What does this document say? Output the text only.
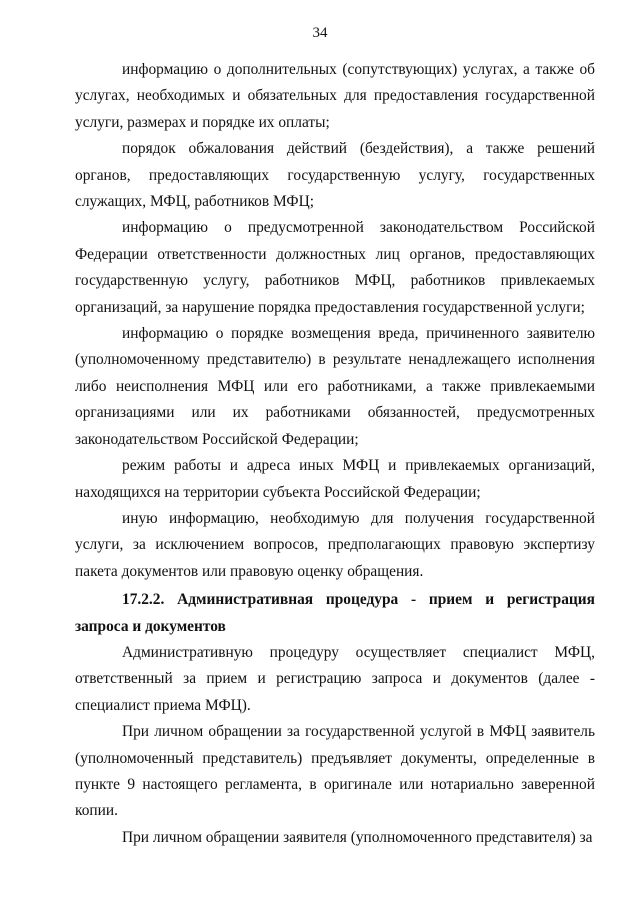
34

информацию о дополнительных (сопутствующих) услугах, а также об услугах, необходимых и обязательных для предоставления государственной услуги, размерах и порядке их оплаты;

порядок обжалования действий (бездействия), а также решений органов, предоставляющих государственную услугу, государственных служащих, МФЦ, работников МФЦ;

информацию о предусмотренной законодательством Российской Федерации ответственности должностных лиц органов, предоставляющих государственную услугу, работников МФЦ, работников привлекаемых организаций, за нарушение порядка предоставления государственной услуги;

информацию о порядке возмещения вреда, причиненного заявителю (уполномоченному представителю) в результате ненадлежащего исполнения либо неисполнения МФЦ или его работниками, а также привлекаемыми организациями или их работниками обязанностей, предусмотренных законодательством Российской Федерации;

режим работы и адреса иных МФЦ и привлекаемых организаций, находящихся на территории субъекта Российской Федерации;

иную информацию, необходимую для получения государственной услуги, за исключением вопросов, предполагающих правовую экспертизу пакета документов или правовую оценку обращения.

17.2.2. Административная процедура - прием и регистрация запроса и документов

Административную процедуру осуществляет специалист МФЦ, ответственный за прием и регистрацию запроса и документов (далее - специалист приема МФЦ).

При личном обращении за государственной услугой в МФЦ заявитель (уполномоченный представитель) предъявляет документы, определенные в пункте 9 настоящего регламента, в оригинале или нотариально заверенной копии.

При личном обращении заявителя (уполномоченного представителя) за
